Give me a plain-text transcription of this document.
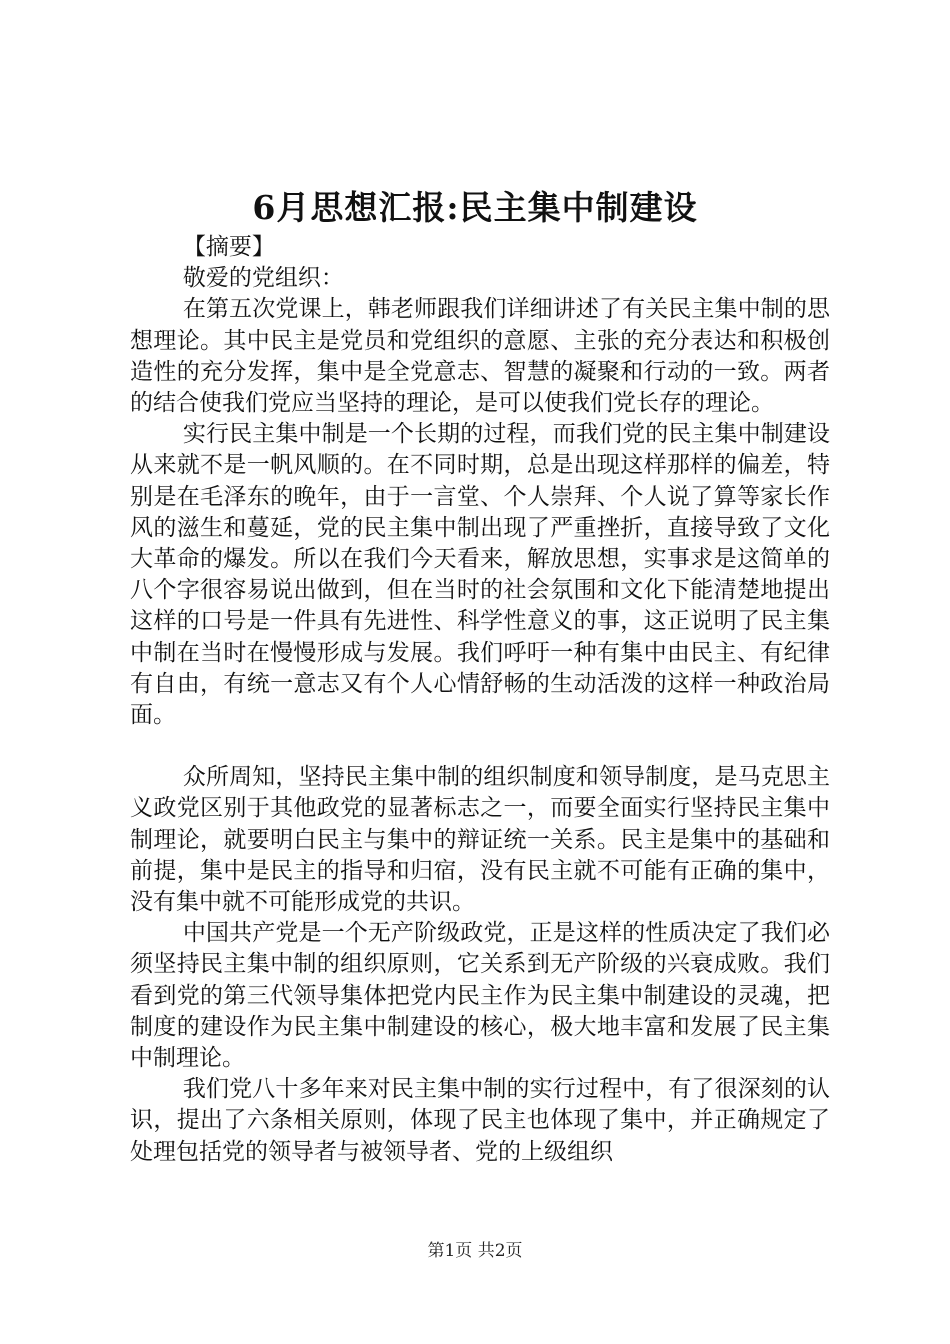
6月思想汇报:民主集中制建设

【摘要】

敬爱的党组织：

在第五次党课上，韩老师跟我们详细讲述了有关民主集中制的思想理论。其中民主是党员和党组织的意愿、主张的充分表达和积极创造性的充分发挥，集中是全党意志、智慧的凝聚和行动的一致。两者的结合使我们党应当坚持的理论，是可以使我们党长存的理论。

实行民主集中制是一个长期的过程，而我们党的民主集中制建设从来就不是一帆风顺的。在不同时期，总是出现这样那样的偏差，特别是在毛泽东的晚年，由于一言堂、个人崇拜、个人说了算等家长作风的滋生和蔓延，党的民主集中制出现了严重挫折，直接导致了文化大革命的爆发。所以在我们今天看来，解放思想，实事求是这简单的八个字很容易说出做到，但在当时的社会氛围和文化下能清楚地提出这样的口号是一件具有先进性、科学性意义的事，这正说明了民主集中制在当时在慢慢形成与发展。我们呼吁一种有集中由民主、有纪律有自由，有统一意志又有个人心情舒畅的生动活泼的这样一种政治局面。

众所周知，坚持民主集中制的组织制度和领导制度，是马克思主义政党区别于其他政党的显著标志之一，而要全面实行坚持民主集中制理论，就要明白民主与集中的辩证统一关系。民主是集中的基础和前提，集中是民主的指导和归宿，没有民主就不可能有正确的集中，没有集中就不可能形成党的共识。

中国共产党是一个无产阶级政党，正是这样的性质决定了我们必须坚持民主集中制的组织原则，它关系到无产阶级的兴衰成败。我们看到党的第三代领导集体把党内民主作为民主集中制建设的灵魂，把制度的建设作为民主集中制建设的核心，极大地丰富和发展了民主集中制理论。

我们党八十多年来对民主集中制的实行过程中，有了很深刻的认识，提出了六条相关原则，体现了民主也体现了集中，并正确规定了处理包括党的领导者与被领导者、党的上级组织

第1页 共2页
